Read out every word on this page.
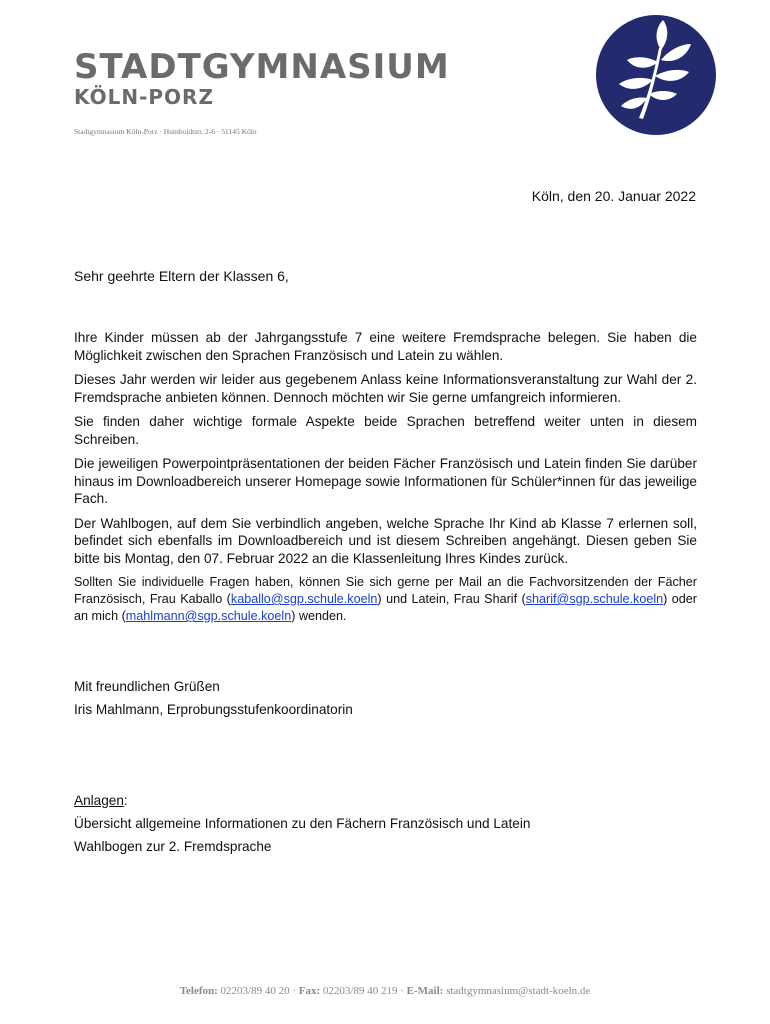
STADTGYMNASIUM
KÖLN-PORZ
Stadtgymnasium Köln-Porz · Humboldtstr. 2-6 · 51145 Köln
Köln, den 20. Januar 2022
Sehr geehrte Eltern der Klassen 6,

Ihre Kinder müssen ab der Jahrgangsstufe 7 eine weitere Fremdsprache belegen. Sie haben die Möglichkeit zwischen den Sprachen Französisch und Latein zu wählen.

Dieses Jahr werden wir leider aus gegebenem Anlass keine Informationsveranstaltung zur Wahl der 2. Fremdsprache anbieten können. Dennoch möchten wir Sie gerne umfangreich informieren.

Sie finden daher wichtige formale Aspekte beide Sprachen betreffend weiter unten in diesem Schreiben.

Die jeweiligen Powerpointpräsentationen der beiden Fächer Französisch und Latein finden Sie darüber hinaus im Downloadbereich unserer Homepage sowie Informationen für Schüler*innen für das jeweilige Fach.

Der Wahlbogen, auf dem Sie verbindlich angeben, welche Sprache Ihr Kind ab Klasse 7 erlernen soll, befindet sich ebenfalls im Downloadbereich und ist diesem Schreiben angehängt. Diesen geben Sie bitte bis Montag, den 07. Februar 2022 an die Klassenleitung Ihres Kindes zurück.

Sollten Sie individuelle Fragen haben, können Sie sich gerne per Mail an die Fachvorsitzenden der Fächer Französisch, Frau Kaballo (kaballo@sgp.schule.koeln) und Latein, Frau Sharif (sharif@sgp.schule.koeln) oder an mich (mahlmann@sgp.schule.koeln) wenden.

Mit freundlichen Grüßen
Iris Mahlmann, Erprobungsstufenkoordinatorin
Anlagen:
Übersicht allgemeine Informationen zu den Fächern Französisch und Latein
Wahlbogen zur 2. Fremdsprache
Telefon: 02203/89 40 20 · Fax: 02203/89 40 219 · E-Mail: stadtgymnasium@stadt-koeln.de
